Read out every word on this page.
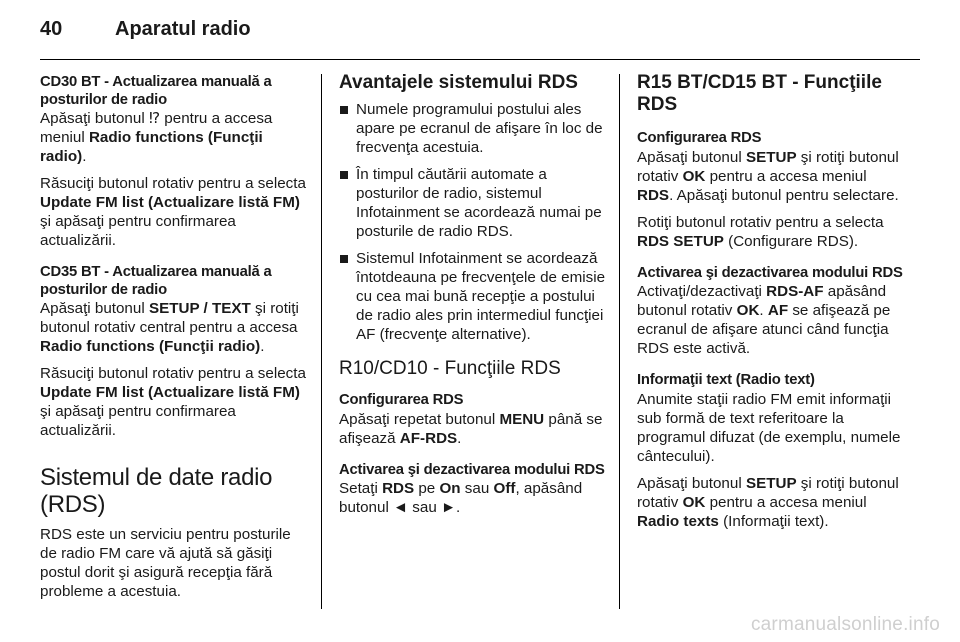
40	Aparatul radio
CD30 BT - Actualizarea manuală a posturilor de radio

Apăsaţi butonul ⁉ pentru a accesa meniul Radio functions (Funcţii radio).

Răsuciţi butonul rotativ pentru a selecta Update FM list (Actualizare listă FM) şi apăsaţi pentru confirmarea actualizării.

CD35 BT - Actualizarea manuală a posturilor de radio

Apăsaţi butonul SETUP / TEXT şi rotiţi butonul rotativ central pentru a accesa Radio functions (Funcţii radio).

Răsuciţi butonul rotativ pentru a selecta Update FM list (Actualizare listă FM) şi apăsaţi pentru confirmarea actualizării.

Sistemul de date radio (RDS)

RDS este un serviciu pentru posturile de radio FM care vă ajută să găsiţi postul dorit şi asigură recepţia fără probleme a acestuia.

Avantajele sistemului RDS
Numele programului postului ales apare pe ecranul de afişare în loc de frecvenţa acestuia.
În timpul căutării automate a posturilor de radio, sistemul Infotainment se acordează numai pe posturile de radio RDS.
Sistemul Infotainment se acordează întotdeauna pe frecvenţele de emisie cu cea mai bună recepţie a postului de radio ales prin intermediul funcţiei AF (frecvenţe alternative).
R10/CD10 - Funcţiile RDS
Configurarea RDS

Apăsaţi repetat butonul MENU până se afişează AF-RDS.

Activarea şi dezactivarea modului RDS

Setaţi RDS pe On sau Off, apăsând butonul ◄ sau ►.

R15 BT/CD15 BT - Funcţiile RDS
Configurarea RDS

Apăsaţi butonul SETUP şi rotiţi butonul rotativ OK pentru a accesa meniul RDS. Apăsaţi butonul pentru selectare.

Rotiţi butonul rotativ pentru a selecta RDS SETUP (Configurare RDS).

Activarea şi dezactivarea modului RDS

Activaţi/dezactivaţi RDS-AF apăsând butonul rotativ OK. AF se afişează pe ecranul de afişare atunci când funcţia RDS este activă.

Informaţii text (Radio text)

Anumite staţii radio FM emit informaţii sub formă de text referitoare la programul difuzat (de exemplu, numele cântecului).

Apăsaţi butonul SETUP şi rotiţi butonul rotativ OK pentru a accesa meniul Radio texts (Informaţii text).

carmanualsonline.info
